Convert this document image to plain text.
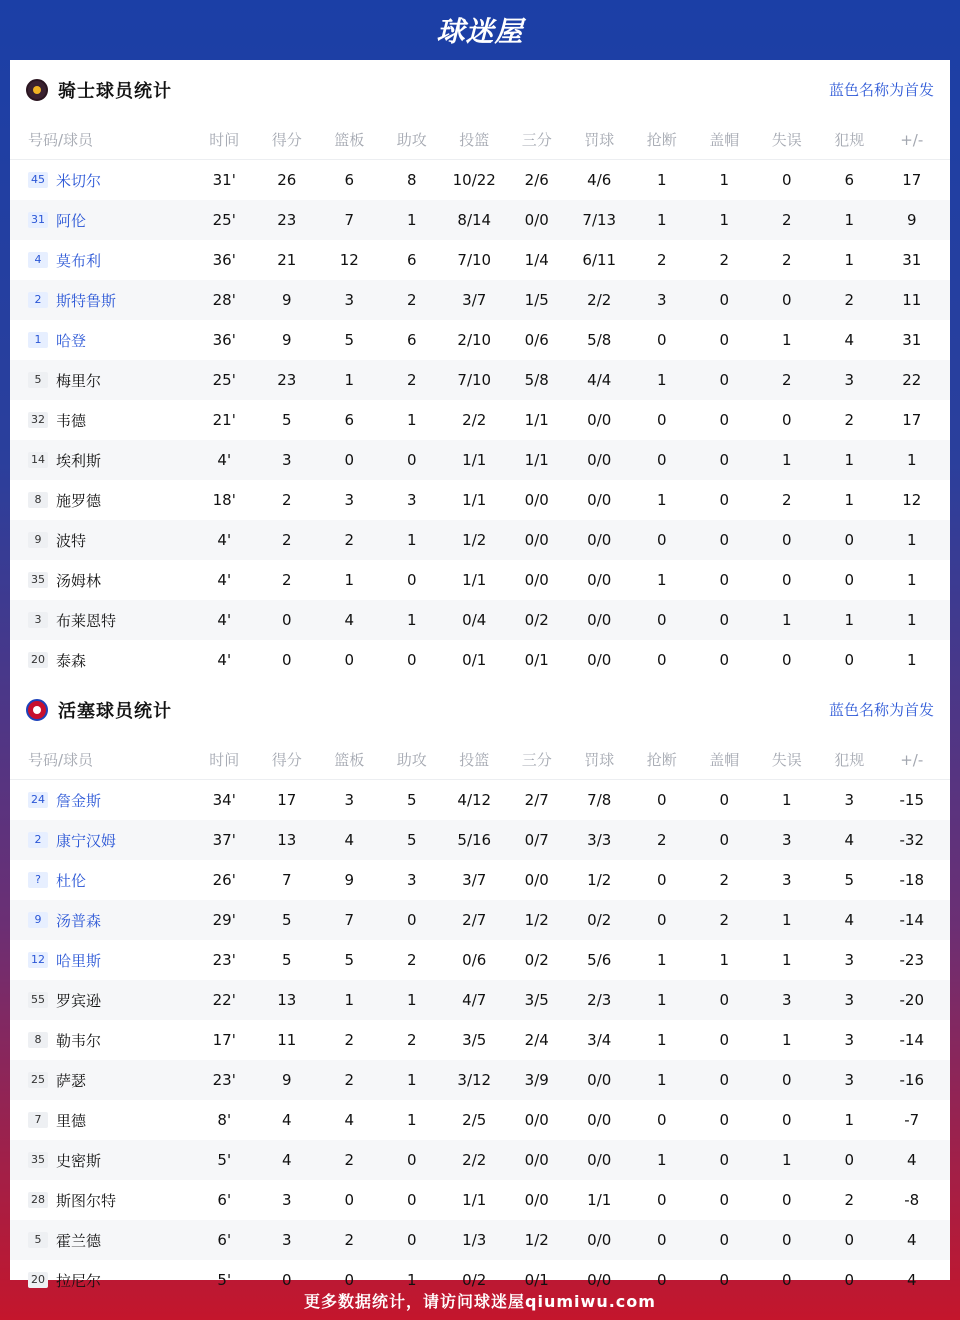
球迷屋
骑士球员统计	蓝色名称为首发
号码/球员	时间	得分	篮板	助攻	投篮	三分	罚球	抢断	盖帽	失误	犯规	+/-
45 米切尔	31'	26	6	8	10/22	2/6	4/6	1	1	0	6	17
31 阿伦	25'	23	7	1	8/14	0/0	7/13	1	1	2	1	9
4 莫布利	36'	21	12	6	7/10	1/4	6/11	2	2	2	1	31
2 斯特鲁斯	28'	9	3	2	3/7	1/5	2/2	3	0	0	2	11
1 哈登	36'	9	5	6	2/10	0/6	5/8	0	0	1	4	31
5 梅里尔	25'	23	1	2	7/10	5/8	4/4	1	0	2	3	22
32 韦德	21'	5	6	1	2/2	1/1	0/0	0	0	0	2	17
14 埃利斯	4'	3	0	0	1/1	1/1	0/0	0	0	1	1	1
8 施罗德	18'	2	3	3	1/1	0/0	0/0	1	0	2	1	12
9 波特	4'	2	2	1	1/2	0/0	0/0	0	0	0	0	1
35 汤姆林	4'	2	1	0	1/1	0/0	0/0	1	0	0	0	1
3 布莱恩特	4'	0	4	1	0/4	0/2	0/0	0	0	1	1	1
20 泰森	4'	0	0	0	0/1	0/1	0/0	0	0	0	0	1
活塞球员统计	蓝色名称为首发
号码/球员	时间	得分	篮板	助攻	投篮	三分	罚球	抢断	盖帽	失误	犯规	+/-
24 詹金斯	34'	17	3	5	4/12	2/7	7/8	0	0	1	3	-15
2 康宁汉姆	37'	13	4	5	5/16	0/7	3/3	2	0	3	4	-32
?	杜伦	26'	7	9	3	3/7	0/0	1/2	0	2	3	5	-18
9 汤普森	29'	5	7	0	2/7	1/2	0/2	0	2	1	4	-14
12 哈里斯	23'	5	5	2	0/6	0/2	5/6	1	1	1	3	-23
55 罗宾逊	22'	13	1	1	4/7	3/5	2/3	1	0	3	3	-20
8 勒韦尔	17'	11	2	2	3/5	2/4	3/4	1	0	1	3	-14
25 萨瑟	23'	9	2	1	3/12	3/9	0/0	1	0	0	3	-16
7 里德	8'	4	4	1	2/5	0/0	0/0	0	0	0	1	-7
35 史密斯	5'	4	2	0	2/2	0/0	0/0	1	0	1	0	4
28 斯图尔特	6'	3	0	0	1/1	0/0	1/1	0	0	0	2	-8
5 霍兰德	6'	3	2	0	1/3	1/2	0/0	0	0	0	0	4
20 拉尼尔	5'	0	0	1	0/2	0/1	0/0	0	0	0	0	4
更多数据统计，请访问球迷屋qiumiwu.com
